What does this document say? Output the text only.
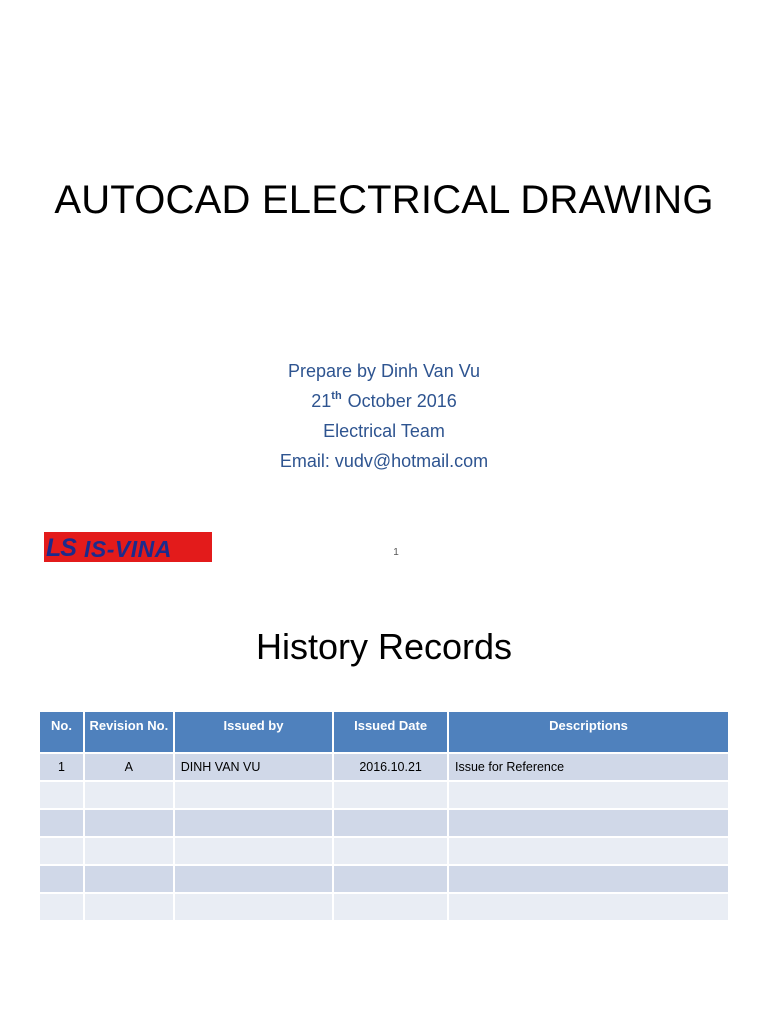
AUTOCAD ELECTRICAL DRAWING
Prepare by Dinh Van Vu
21th October 2016
Electrical Team
Email: vudv@hotmail.com
LS IS-VINA	1
History Records
No.	Revision No.	Issued by	Issued Date	Descriptions
1	A	DINH VAN VU	2016.10.21	Issue for Reference
